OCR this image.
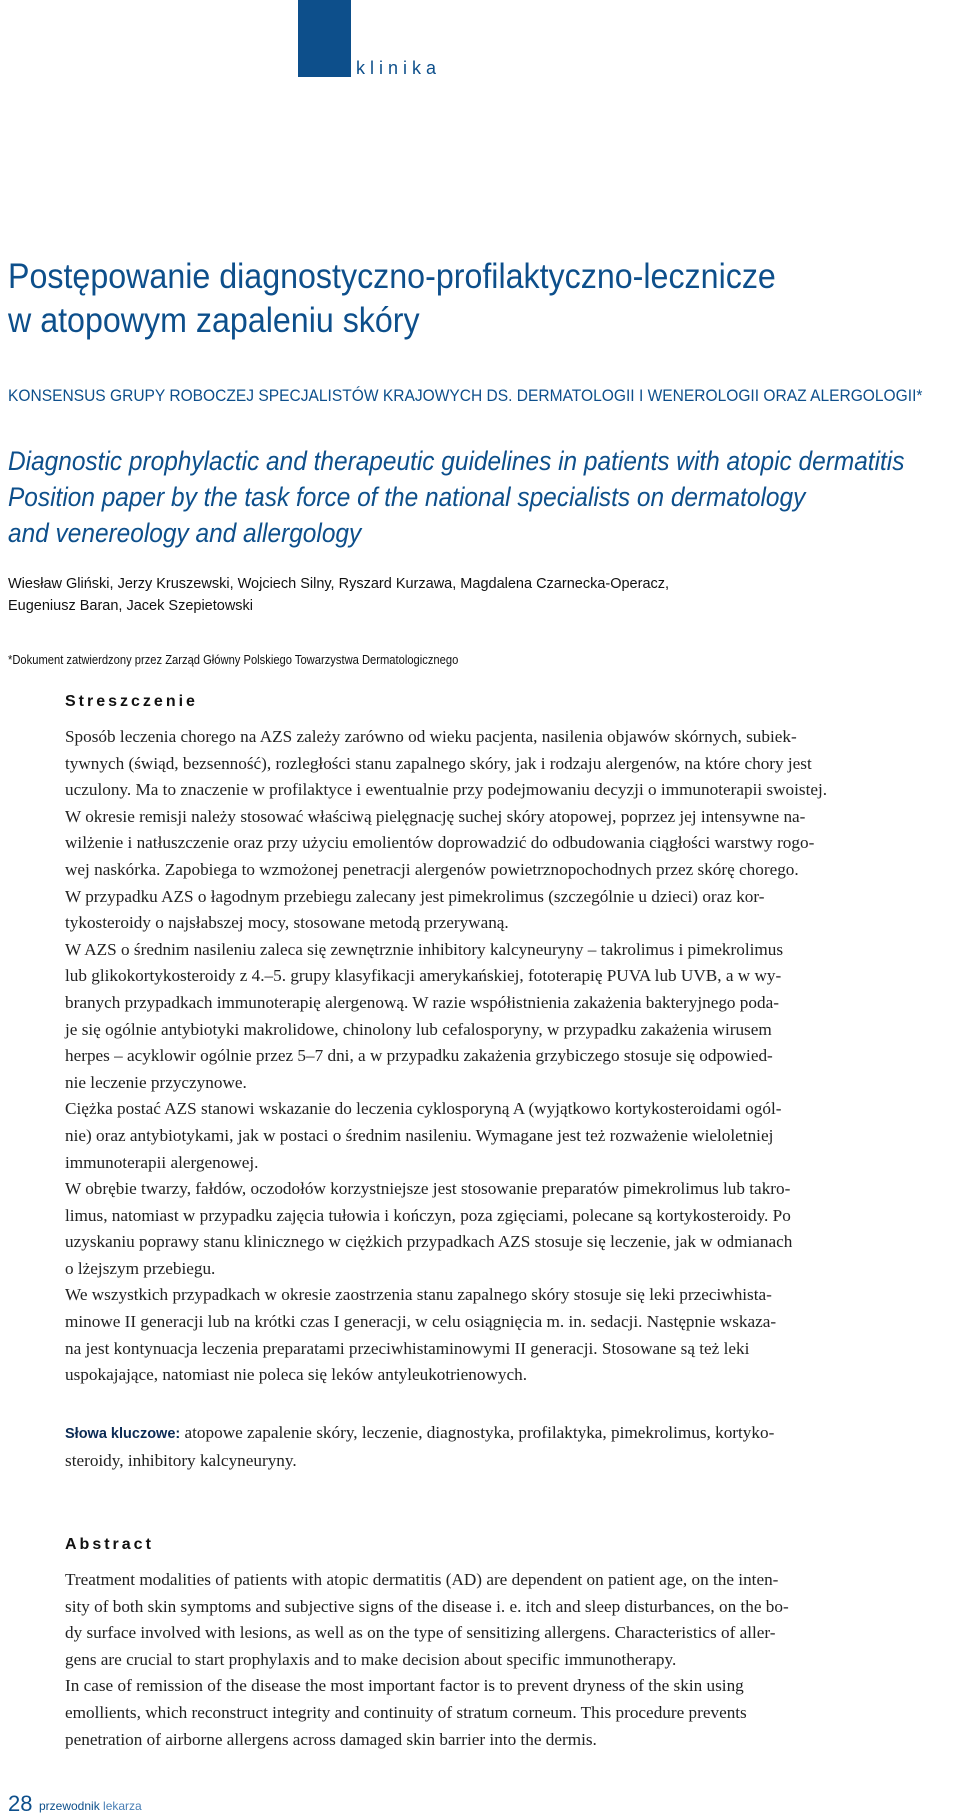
klinika
Postępowanie diagnostyczno-profilaktyczno-lecznicze
w atopowym zapaleniu skóry
KONSENSUS GRUPY ROBOCZEJ SPECJALISTÓW KRAJOWYCH DS. DERMATOLOGII I WENEROLOGII ORAZ ALERGOLOGII*
Diagnostic prophylactic and therapeutic guidelines in patients with atopic dermatitis
Position paper by the task force of the national specialists on dermatology
and venereology and allergology
Wiesław Gliński, Jerzy Kruszewski, Wojciech Silny, Ryszard Kurzawa, Magdalena Czarnecka-Operacz,
Eugeniusz Baran, Jacek Szepietowski
*Dokument zatwierdzony przez Zarząd Główny Polskiego Towarzystwa Dermatologicznego
Streszczenie
Sposób leczenia chorego na AZS zależy zarówno od wieku pacjenta, nasilenia objawów skórnych, subiek-
tywnych (świąd, bezsenność), rozległości stanu zapalnego skóry, jak i rodzaju alergenów, na które chory jest
uczulony. Ma to znaczenie w profilaktyce i ewentualnie przy podejmowaniu decyzji o immunoterapii swoistej.
W okresie remisji należy stosować właściwą pielęgnację suchej skóry atopowej, poprzez jej intensywne na-
wilżenie i natłuszczenie oraz przy użyciu emolientów doprowadzić do odbudowania ciągłości warstwy rogo-
wej naskórka. Zapobiega to wzmożonej penetracji alergenów powietrznopochodnych przez skórę chorego.
W przypadku AZS o łagodnym przebiegu zalecany jest pimekrolimus (szczególnie u dzieci) oraz kor-
tykosteroidy o najsłabszej mocy, stosowane metodą przerywaną.
W AZS o średnim nasileniu zaleca się zewnętrznie inhibitory kalcyneuryny – takrolimus i pimekrolimus
lub glikokortykosteroidy z 4.–5. grupy klasyfikacji amerykańskiej, fototerapię PUVA lub UVB, a w wy-
branych przypadkach immunoterapię alergenową. W razie współistnienia zakażenia bakteryjnego poda-
je się ogólnie antybiotyki makrolidowe, chinolony lub cefalosporyny, w przypadku zakażenia wirusem
herpes – acyklowir ogólnie przez 5–7 dni, a w przypadku zakażenia grzybiczego stosuje się odpowied-
nie leczenie przyczynowe.
Ciężka postać AZS stanowi wskazanie do leczenia cyklosporyną A (wyjątkowo kortykosteroidami ogól-
nie) oraz antybiotykami, jak w postaci o średnim nasileniu. Wymagane jest też rozważenie wieloletniej
immunoterapii alergenowej.
W obrębie twarzy, fałdów, oczodołów korzystniejsze jest stosowanie preparatów pimekrolimus lub takro-
limus, natomiast w przypadku zajęcia tułowia i kończyn, poza zgięciami, polecane są kortykosteroidy. Po
uzyskaniu poprawy stanu klinicznego w ciężkich przypadkach AZS stosuje się leczenie, jak w odmianach
o lżejszym przebiegu.
We wszystkich przypadkach w okresie zaostrzenia stanu zapalnego skóry stosuje się leki przeciwhista-
minowe II generacji lub na krótki czas I generacji, w celu osiągnięcia m. in. sedacji. Następnie wskaza-
na jest kontynuacja leczenia preparatami przeciwhistaminowymi II generacji. Stosowane są też leki
uspokajające, natomiast nie poleca się leków antyleukotrienowych.
Słowa kluczowe: atopowe zapalenie skóry, leczenie, diagnostyka, profilaktyka, pimekrolimus, kortyko-
steroidy, inhibitory kalcyneuryny.
Abstract
Treatment modalities of patients with atopic dermatitis (AD) are dependent on patient age, on the inten-
sity of both skin symptoms and subjective signs of the disease i. e. itch and sleep disturbances, on the bo-
dy surface involved with lesions, as well as on the type of sensitizing allergens. Characteristics of aller-
gens are crucial to start prophylaxis and to make decision about specific immunotherapy.
In case of remission of the disease the most important factor is to prevent dryness of the skin using
emollients, which reconstruct integrity and continuity of stratum corneum. This procedure prevents
penetration of airborne allergens across damaged skin barrier into the dermis.
28 przewodnik lekarza
